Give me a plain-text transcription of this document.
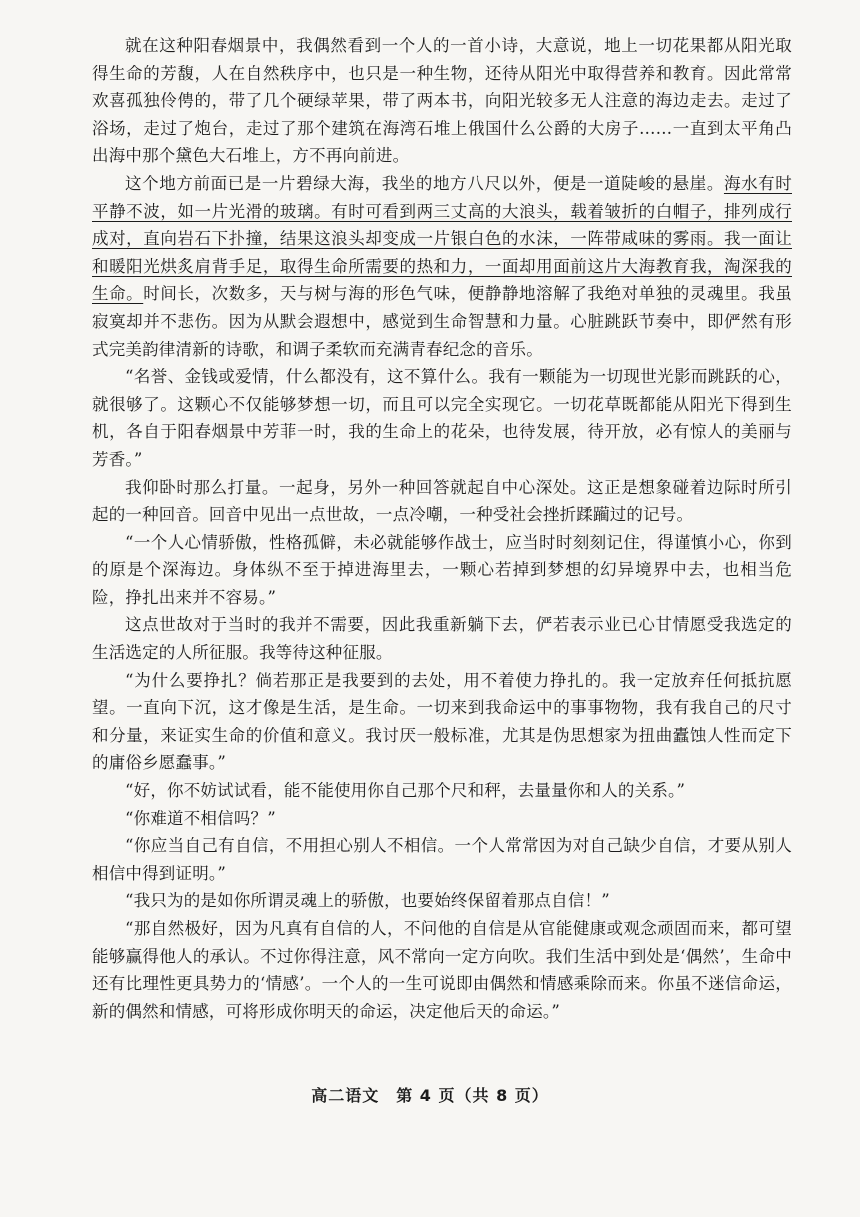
就在这种阳春烟景中，我偶然看到一个人的一首小诗，大意说，地上一切花果都从阳光取得生命的芳馥，人在自然秩序中，也只是一种生物，还待从阳光中取得营养和教育。因此常常欢喜孤独伶俜的，带了几个硬绿苹果，带了两本书，向阳光较多无人注意的海边走去。走过了浴场，走过了炮台，走过了那个建筑在海湾石堆上俄国什么公爵的大房子……一直到太平角凸出海中那个黛色大石堆上，方不再向前进。

这个地方前面已是一片碧绿大海，我坐的地方八尺以外，便是一道陡峻的悬崖。海水有时平静不波，如一片光滑的玻璃。有时可看到两三丈高的大浪头，载着皱折的白帽子，排列成行成对，直向岩石下扑撞，结果这浪头却变成一片银白色的水沫，一阵带咸味的雾雨。我一面让和暖阳光烘炙肩背手足，取得生命所需要的热和力，一面却用面前这片大海教育我，淘深我的生命。时间长，次数多，天与树与海的形色气味，便静静地溶解了我绝对单独的灵魂里。我虽寂寞却并不悲伤。因为从默会遐想中，感觉到生命智慧和力量。心脏跳跃节奏中，即俨然有形式完美韵律清新的诗歌，和调子柔软而充满青春纪念的音乐。

“名誉、金钱或爱情，什么都没有，这不算什么。我有一颗能为一切现世光影而跳跃的心，就很够了。这颗心不仅能够梦想一切，而且可以完全实现它。一切花草既都能从阳光下得到生机，各自于阳春烟景中芳菲一时，我的生命上的花朵，也待发展，待开放，必有惊人的美丽与芳香。”

我仰卧时那么打量。一起身，另外一种回答就起自中心深处。这正是想象碰着边际时所引起的一种回音。回音中见出一点世故，一点冷嘲，一种受社会挫折蹂躏过的记号。

“一个人心情骄傲，性格孤僻，未必就能够作战士，应当时时刻刻记住，得谨慎小心，你到的原是个深海边。身体纵不至于掉进海里去，一颗心若掉到梦想的幻异境界中去，也相当危险，挣扎出来并不容易。”

这点世故对于当时的我并不需要，因此我重新躺下去，俨若表示业已心甘情愿受我选定的生活选定的人所征服。我等待这种征服。

“为什么要挣扎？倘若那正是我要到的去处，用不着使力挣扎的。我一定放弃任何抵抗愿望。一直向下沉，这才像是生活，是生命。一切来到我命运中的事事物物，我有我自己的尺寸和分量，来证实生命的价值和意义。我讨厌一般标准，尤其是伪思想家为扭曲蠹蚀人性而定下的庸俗乡愿蠢事。”

“好，你不妨试试看，能不能使用你自己那个尺和秤，去量量你和人的关系。”

“你难道不相信吗？”

“你应当自己有自信，不用担心别人不相信。一个人常常因为对自己缺少自信，才要从别人相信中得到证明。”

“我只为的是如你所谓灵魂上的骄傲，也要始终保留着那点自信！”

“那自然极好，因为凡真有自信的人，不问他的自信是从官能健康或观念顽固而来，都可望能够赢得他人的承认。不过你得注意，风不常向一定方向吹。我们生活中到处是‘偶然’，生命中还有比理性更具势力的‘情感’。一个人的一生可说即由偶然和情感乘除而来。你虽不迷信命运，新的偶然和情感，可将形成你明天的命运，决定他后天的命运。”

高二语文　第 4 页（共 8 页）
